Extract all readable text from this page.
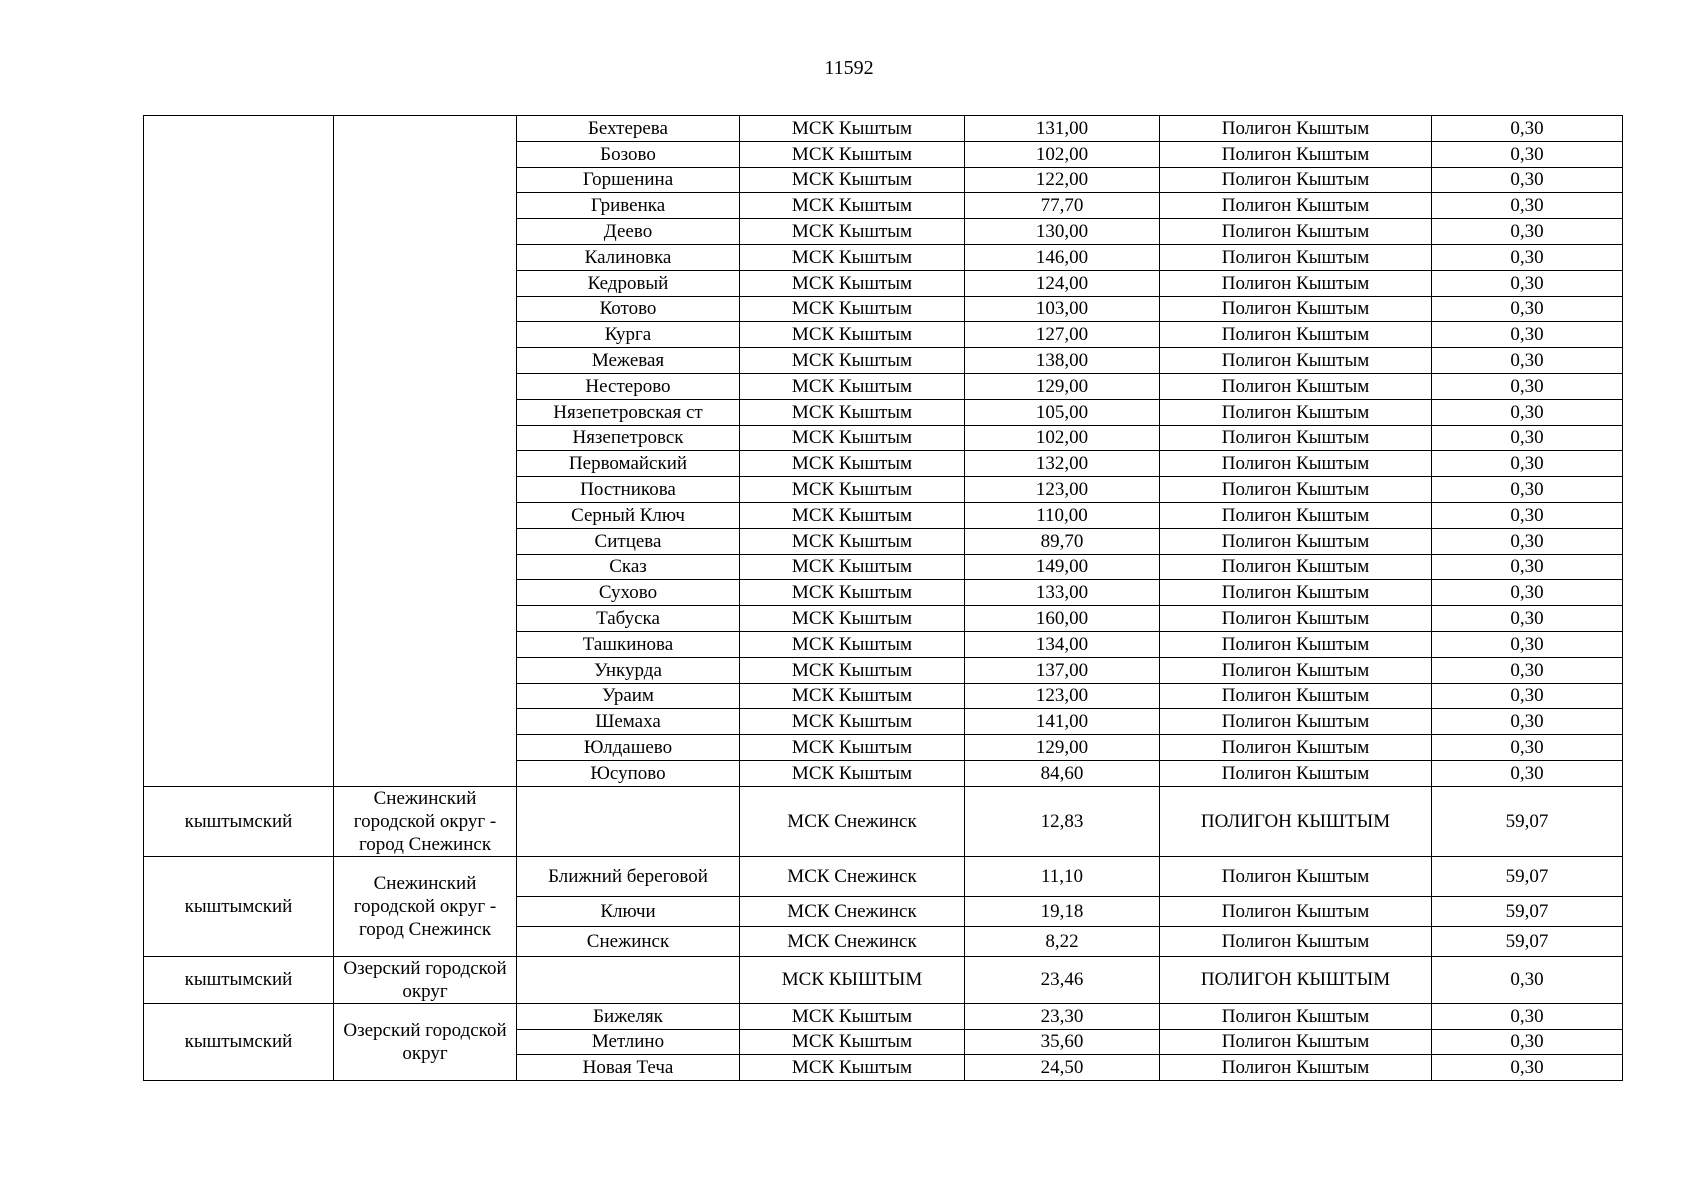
11592
		Бехтерева	МСК Кыштым	131,00	Полигон Кыштым	0,30
		Бозово	МСК Кыштым	102,00	Полигон Кыштым	0,30
		Горшенина	МСК Кыштым	122,00	Полигон Кыштым	0,30
		Гривенка	МСК Кыштым	77,70	Полигон Кыштым	0,30
		Деево	МСК Кыштым	130,00	Полигон Кыштым	0,30
		Калиновка	МСК Кыштым	146,00	Полигон Кыштым	0,30
		Кедровый	МСК Кыштым	124,00	Полигон Кыштым	0,30
		Котово	МСК Кыштым	103,00	Полигон Кыштым	0,30
		Курга	МСК Кыштым	127,00	Полигон Кыштым	0,30
		Межевая	МСК Кыштым	138,00	Полигон Кыштым	0,30
		Нестерово	МСК Кыштым	129,00	Полигон Кыштым	0,30
		Нязепетровская ст	МСК Кыштым	105,00	Полигон Кыштым	0,30
		Нязепетровск	МСК Кыштым	102,00	Полигон Кыштым	0,30
		Первомайский	МСК Кыштым	132,00	Полигон Кыштым	0,30
		Постникова	МСК Кыштым	123,00	Полигон Кыштым	0,30
		Серный Ключ	МСК Кыштым	110,00	Полигон Кыштым	0,30
		Ситцева	МСК Кыштым	89,70	Полигон Кыштым	0,30
		Сказ	МСК Кыштым	149,00	Полигон Кыштым	0,30
		Сухово	МСК Кыштым	133,00	Полигон Кыштым	0,30
		Табуска	МСК Кыштым	160,00	Полигон Кыштым	0,30
		Ташкинова	МСК Кыштым	134,00	Полигон Кыштым	0,30
		Ункурда	МСК Кыштым	137,00	Полигон Кыштым	0,30
		Ураим	МСК Кыштым	123,00	Полигон Кыштым	0,30
		Шемаха	МСК Кыштым	141,00	Полигон Кыштым	0,30
		Юлдашево	МСК Кыштым	129,00	Полигон Кыштым	0,30
		Юсупово	МСК Кыштым	84,60	Полигон Кыштым	0,30
кыштымский	Снежинский городской округ - город Снежинск		МСК Снежинск	12,83	ПОЛИГОН КЫШТЫМ	59,07
кыштымский	Снежинский городской округ - город Снежинск	Ближний береговой	МСК Снежинск	11,10	Полигон Кыштым	59,07
		Ключи	МСК Снежинск	19,18	Полигон Кыштым	59,07
		Снежинск	МСК Снежинск	8,22	Полигон Кыштым	59,07
кыштымский	Озерский городской округ		МСК КЫШТЫМ	23,46	ПОЛИГОН КЫШТЫМ	0,30
кыштымский	Озерский городской округ	Бижеляк	МСК Кыштым	23,30	Полигон Кыштым	0,30
		Метлино	МСК Кыштым	35,60	Полигон Кыштым	0,30
		Новая Теча	МСК Кыштым	24,50	Полигон Кыштым	0,30
